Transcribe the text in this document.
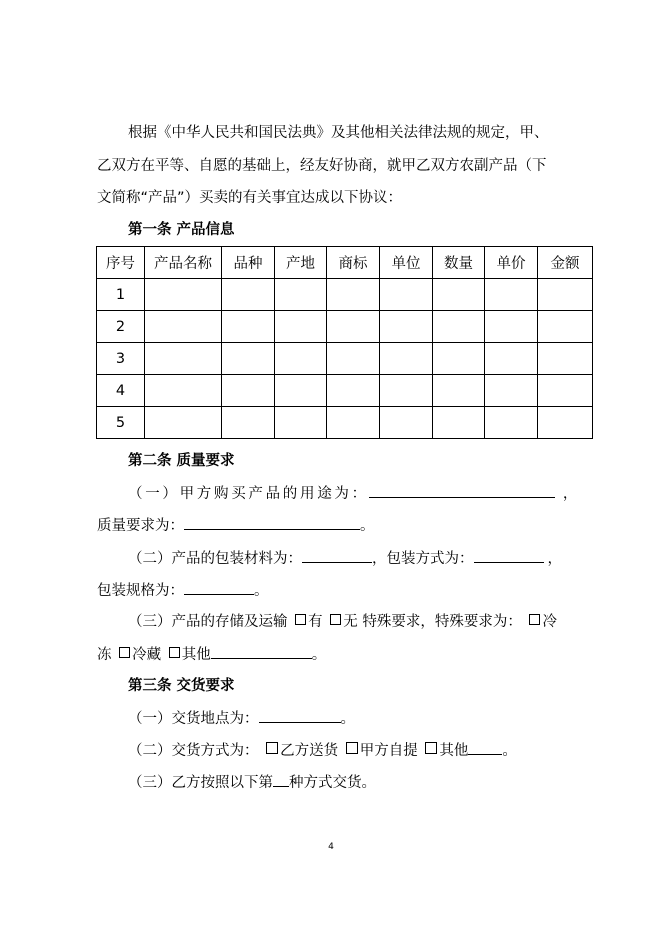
根据《中华人民共和国民法典》及其他相关法律法规的规定，甲、
乙双方在平等、自愿的基础上，经友好协商，就甲乙双方农副产品（下
文简称“产品”）买卖的有关事宜达成以下协议：
第一条 产品信息
序号	产品名称	品种	产地	商标	单位	数量	单价	金额
1								
2								
3								
4								
5								
第二条 质量要求
（一）甲方购买产品的用途为：	，
质量要求为：	。
（二）产品的包装材料为：	，包装方式为：	，
包装规格为：	。
（三）产品的存储及运输 有 无 特殊要求，特殊要求为： 冷
冻 冷藏 其他	。
第三条 交货要求
（一）交货地点为：	。
（二）交货方式为： 乙方送货 甲方自提 其他 。
（三）乙方按照以下第 种方式交货。
4
